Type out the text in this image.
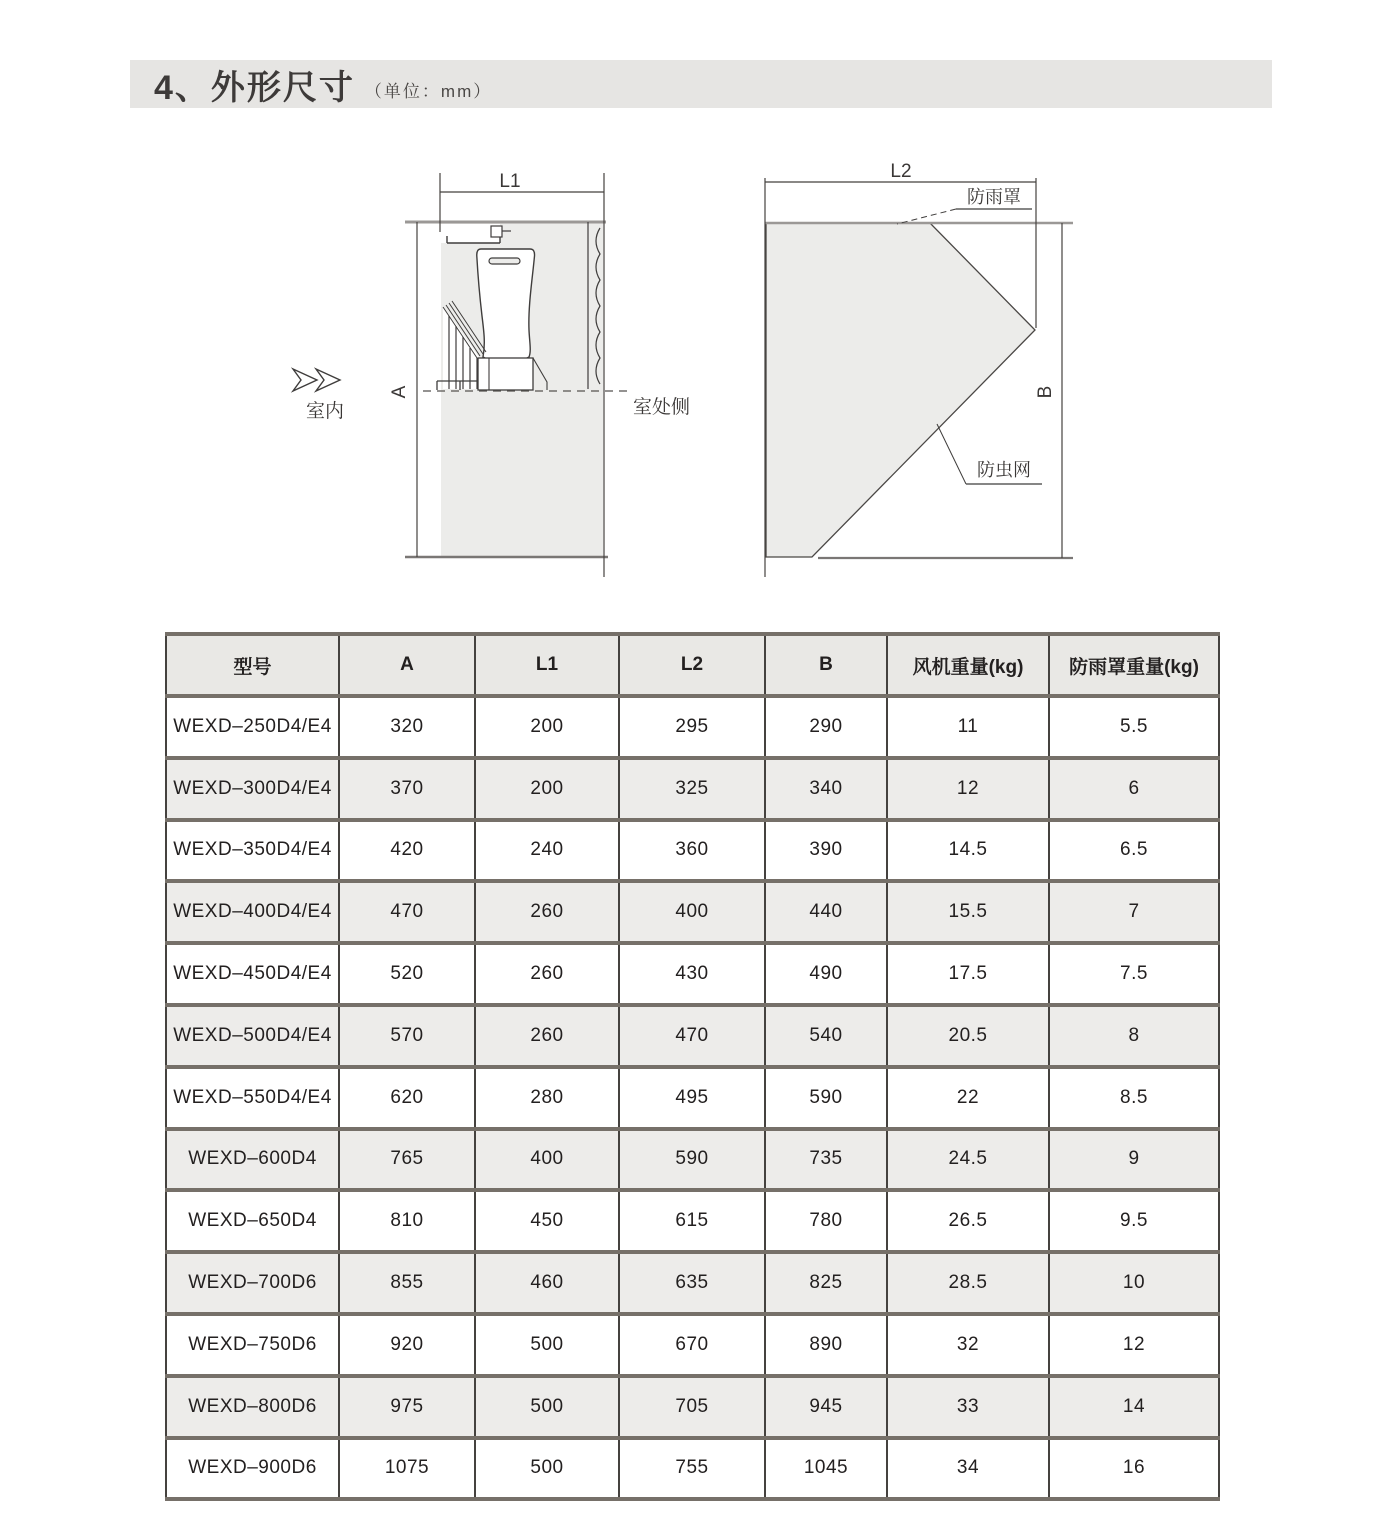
4、外形尺寸 （单位：mm）
L1
A
室内	室处侧
L2
B
防雨罩
防虫网
型号	A	L1	L2	B	风机重量(kg)	防雨罩重量(kg)
WEXD–250D4/E4	320	200	295	290	11	5.5
WEXD–300D4/E4	370	200	325	340	12	6
WEXD–350D4/E4	420	240	360	390	14.5	6.5
WEXD–400D4/E4	470	260	400	440	15.5	7
WEXD–450D4/E4	520	260	430	490	17.5	7.5
WEXD–500D4/E4	570	260	470	540	20.5	8
WEXD–550D4/E4	620	280	495	590	22	8.5
WEXD–600D4	765	400	590	735	24.5	9
WEXD–650D4	810	450	615	780	26.5	9.5
WEXD–700D6	855	460	635	825	28.5	10
WEXD–750D6	920	500	670	890	32	12
WEXD–800D6	975	500	705	945	33	14
WEXD–900D6	1075	500	755	1045	34	16
